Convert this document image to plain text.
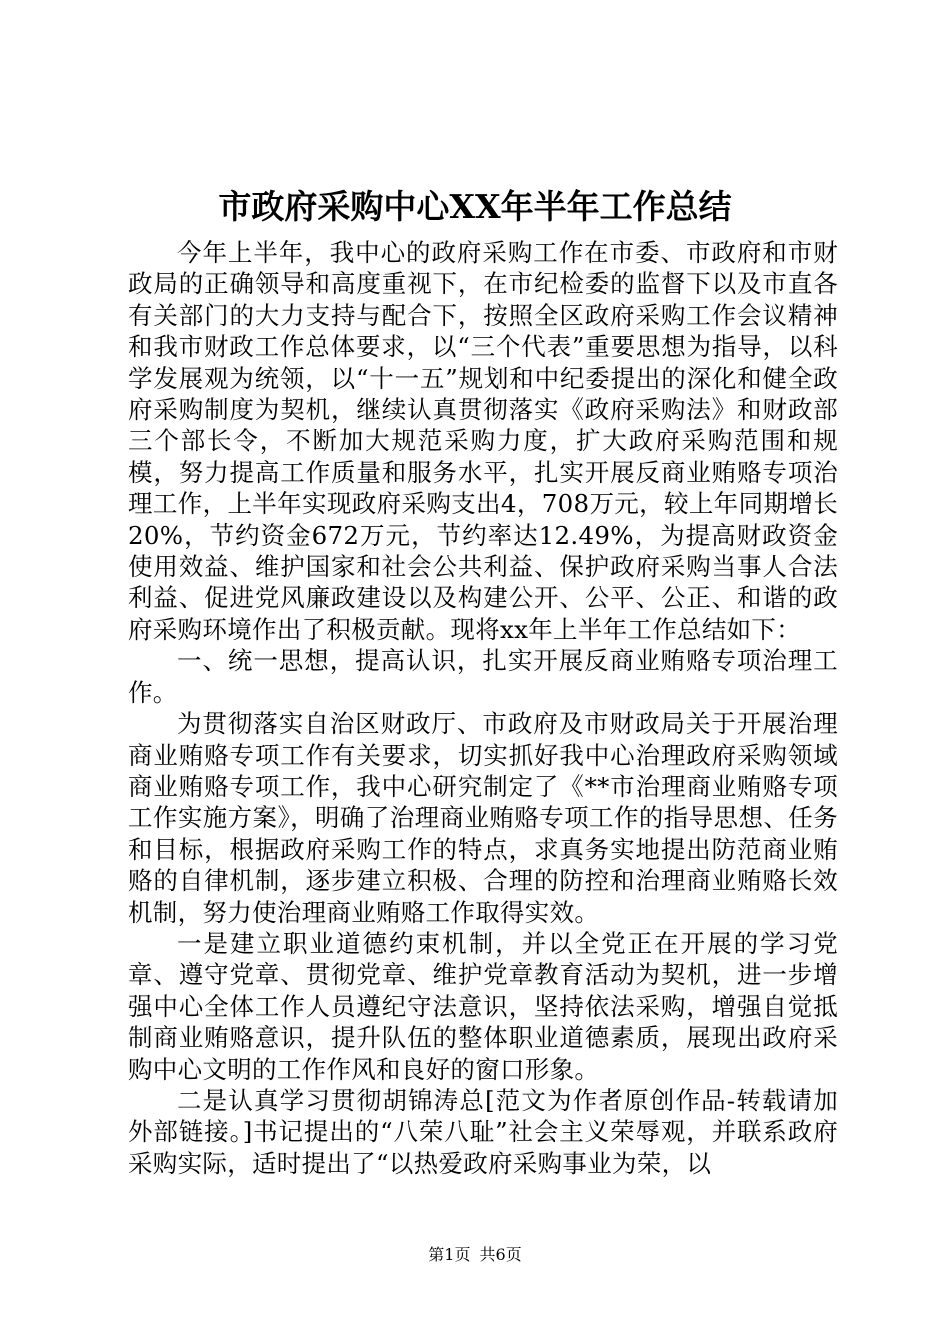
市政府采购中心XX年半年工作总结

今年上半年，我中心的政府采购工作在市委、市政府和市财政局的正确领导和高度重视下，在市纪检委的监督下以及市直各有关部门的大力支持与配合下，按照全区政府采购工作会议精神和我市财政工作总体要求，以“三个代表”重要思想为指导，以科学发展观为统领，以“十一五”规划和中纪委提出的深化和健全政府采购制度为契机，继续认真贯彻落实《政府采购法》和财政部三个部长令，不断加大规范采购力度，扩大政府采购范围和规模，努力提高工作质量和服务水平，扎实开展反商业贿赂专项治理工作，上半年实现政府采购支出4，708万元，较上年同期增长20%，节约资金672万元，节约率达12.49%，为提高财政资金使用效益、维护国家和社会公共利益、保护政府采购当事人合法利益、促进党风廉政建设以及构建公开、公平、公正、和谐的政府采购环境作出了积极贡献。现将xx年上半年工作总结如下：

一、统一思想，提高认识，扎实开展反商业贿赂专项治理工作。

为贯彻落实自治区财政厅、市政府及市财政局关于开展治理商业贿赂专项工作有关要求，切实抓好我中心治理政府采购领域商业贿赂专项工作，我中心研究制定了《**市治理商业贿赂专项工作实施方案》，明确了治理商业贿赂专项工作的指导思想、任务和目标，根据政府采购工作的特点，求真务实地提出防范商业贿赂的自律机制，逐步建立积极、合理的防控和治理商业贿赂长效机制，努力使治理商业贿赂工作取得实效。

一是建立职业道德约束机制，并以全党正在开展的学习党章、遵守党章、贯彻党章、维护党章教育活动为契机，进一步增强中心全体工作人员遵纪守法意识，坚持依法采购，增强自觉抵制商业贿赂意识，提升队伍的整体职业道德素质，展现出政府采购中心文明的工作作风和良好的窗口形象。

二是认真学习贯彻胡锦涛总[范文为作者原创作品-转载请加外部链接。]书记提出的“八荣八耻”社会主义荣辱观，并联系政府采购实际，适时提出了“以热爱政府采购事业为荣，以

第1页 共6页
